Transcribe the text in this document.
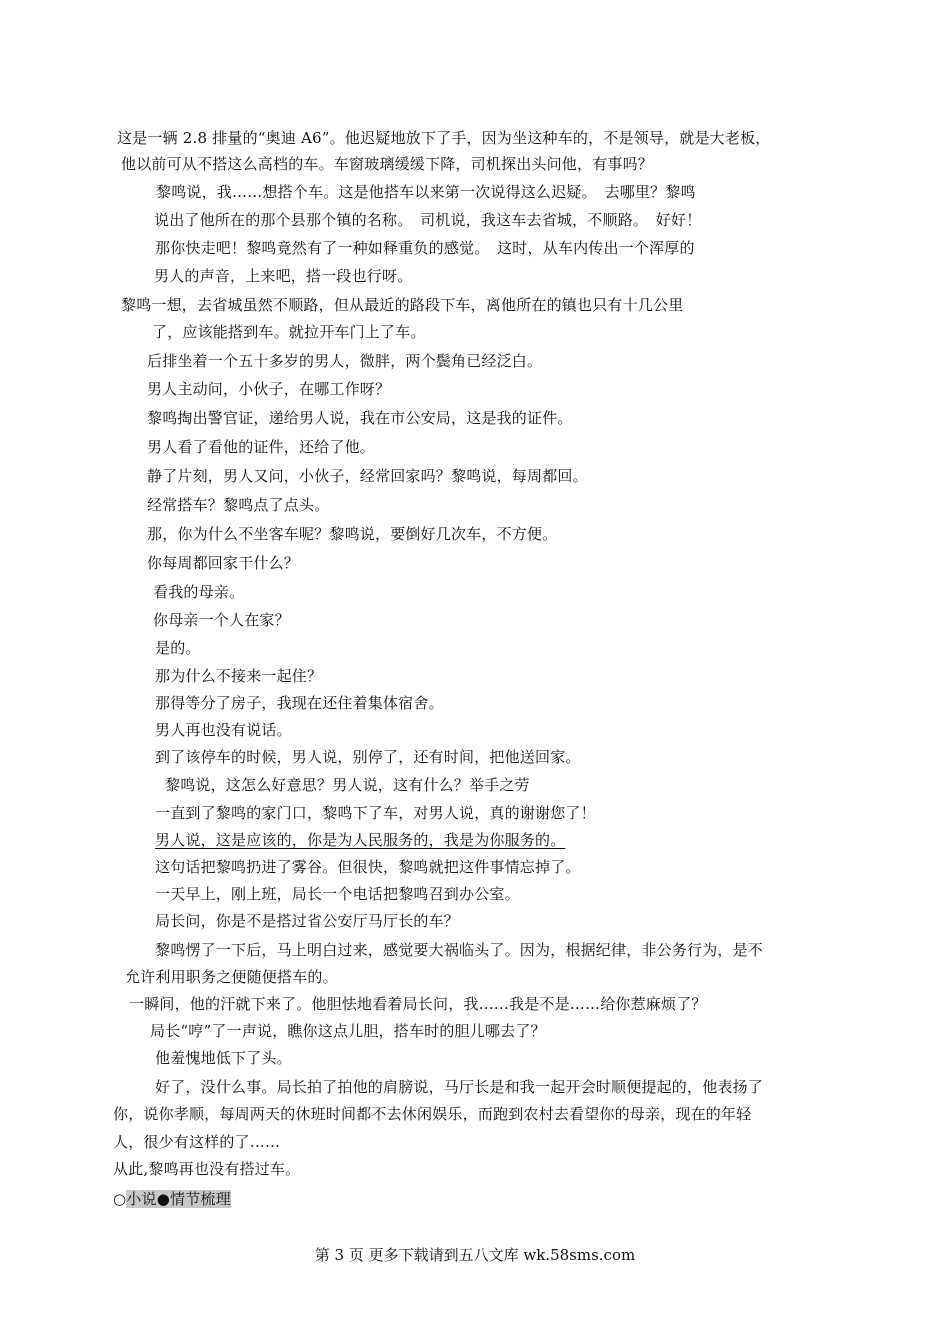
这是一辆 2.8 排量的“奥迪 A6”。他迟疑地放下了手，因为坐这种车的，不是领导，就是大老板，
他以前可从不搭这么高档的车。车窗玻璃缓缓下降，司机探出头问他，有事吗？
黎鸣说，我……想搭个车。这是他搭车以来第一次说得这么迟疑。　去哪里？黎鸣
说出了他所在的那个县那个镇的名称。　司机说，我这车去省城，不顺路。　好好！
那你快走吧！黎鸣竟然有了一种如释重负的感觉。　这时，从车内传出一个浑厚的
男人的声音，上来吧，搭一段也行呀。
黎鸣一想，去省城虽然不顺路，但从最近的路段下车，离他所在的镇也只有十几公里
了，应该能搭到车。就拉开车门上了车。
后排坐着一个五十多岁的男人，微胖，两个鬓角已经泛白。
男人主动问，小伙子，在哪工作呀？
黎鸣掏出警官证，递给男人说，我在市公安局，这是我的证件。
男人看了看他的证件，还给了他。
静了片刻，男人又问，小伙子，经常回家吗？黎鸣说，每周都回。
经常搭车？黎鸣点了点头。
那，你为什么不坐客车呢？黎鸣说，要倒好几次车，不方便。
你每周都回家干什么？
看我的母亲。
你母亲一个人在家？
是的。
那为什么不接来一起住？
那得等分了房子，我现在还住着集体宿舍。
男人再也没有说话。
到了该停车的时候，男人说，别停了，还有时间，把他送回家。
黎鸣说，这怎么好意思？男人说，这有什么？举手之劳
一直到了黎鸣的家门口，黎鸣下了车，对男人说，真的谢谢您了！
男人说，这是应该的，你是为人民服务的，我是为你服务的。
这句话把黎鸣扔进了雾谷。但很快，黎鸣就把这件事情忘掉了。
一天早上，刚上班，局长一个电话把黎鸣召到办公室。
局长问，你是不是搭过省公安厅马厅长的车？
黎鸣愣了一下后，马上明白过来，感觉要大祸临头了。因为，根据纪律，非公务行为，是不
允许利用职务之便随便搭车的。
一瞬间，他的汗就下来了。他胆怯地看着局长问，我……我是不是……给你惹麻烦了？
局长“哼”了一声说，瞧你这点儿胆，搭车时的胆儿哪去了？
他羞愧地低下了头。
好了，没什么事。局长拍了拍他的肩膀说，马厅长是和我一起开会时顺便提起的，他表扬了
你，说你孝顺，每周两天的休班时间都不去休闲娱乐，而跑到农村去看望你的母亲，现在的年轻
人，很少有这样的了……
从此,黎鸣再也没有搭过车。
○小说●情节梳理
第 3 页 更多下载请到五八文库 wk.58sms.com
